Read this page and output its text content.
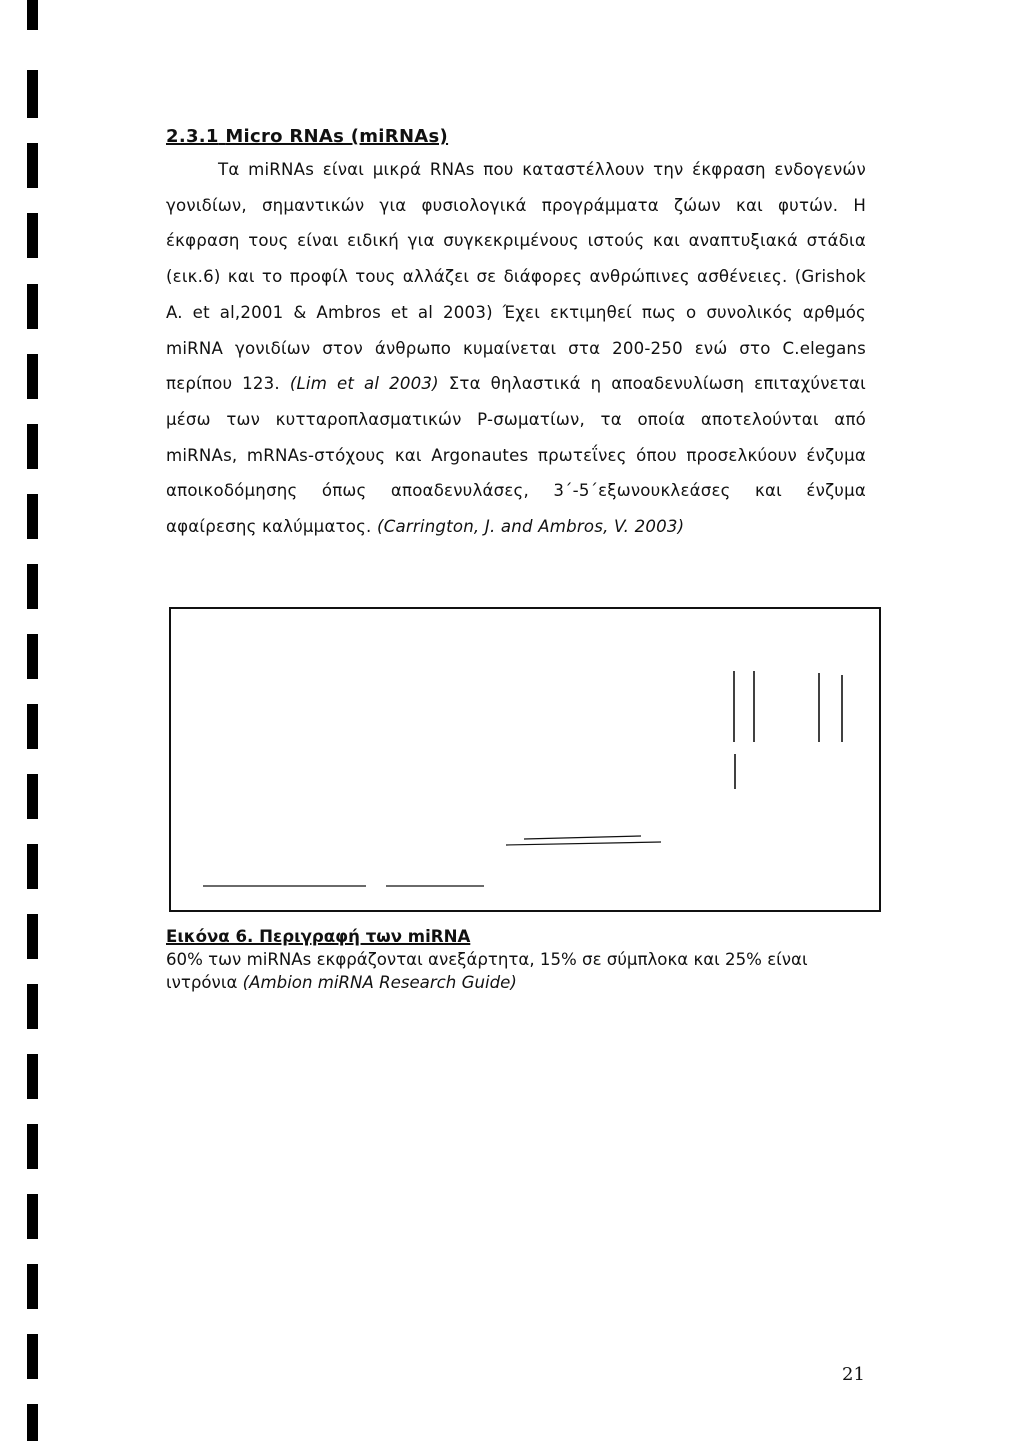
2.3.1 Micro RNAs (miRNAs)

Τα miRNAs είναι μικρά RNAs που καταστέλλουν την έκφραση ενδογενών γονιδίων, σημαντικών για φυσιολογικά προγράμματα ζώων και φυτών. Η έκφραση τους είναι ειδική για συγκεκριμένους ιστούς και αναπτυξιακά στάδια (εικ.6) και το προφίλ τους αλλάζει σε διάφορες ανθρώπινες ασθένειες. (Grishok A. et al,2001 & Ambros et al 2003) Έχει εκτιμηθεί πως ο συνολικός αρθμός miRNA γονιδίων στον άνθρωπο κυμαίνεται στα 200-250 ενώ στο C.elegans περίπου 123. (Lim et al 2003) Στα θηλαστικά η αποαδενυλίωση επιταχύνεται μέσω των κυτταροπλασματικών P-σωματίων, τα οποία αποτελούνται από miRNAs, mRNAs-στόχους και Argonautes πρωτεΐνες όπου προσελκύουν ένζυμα αποικοδόμησης όπως αποαδενυλάσες, 3΄-5΄εξωνουκλεάσες και ένζυμα αφαίρεσης καλύμματος. (Carrington, J. and Ambros, V. 2003)

Εικόνα 6. Περιγραφή των miRNA
60% των miRNAs εκφράζονται ανεξάρτητα, 15% σε σύμπλοκα και 25% είναι ιντρόνια (Ambion miRNA Research Guide)
21
